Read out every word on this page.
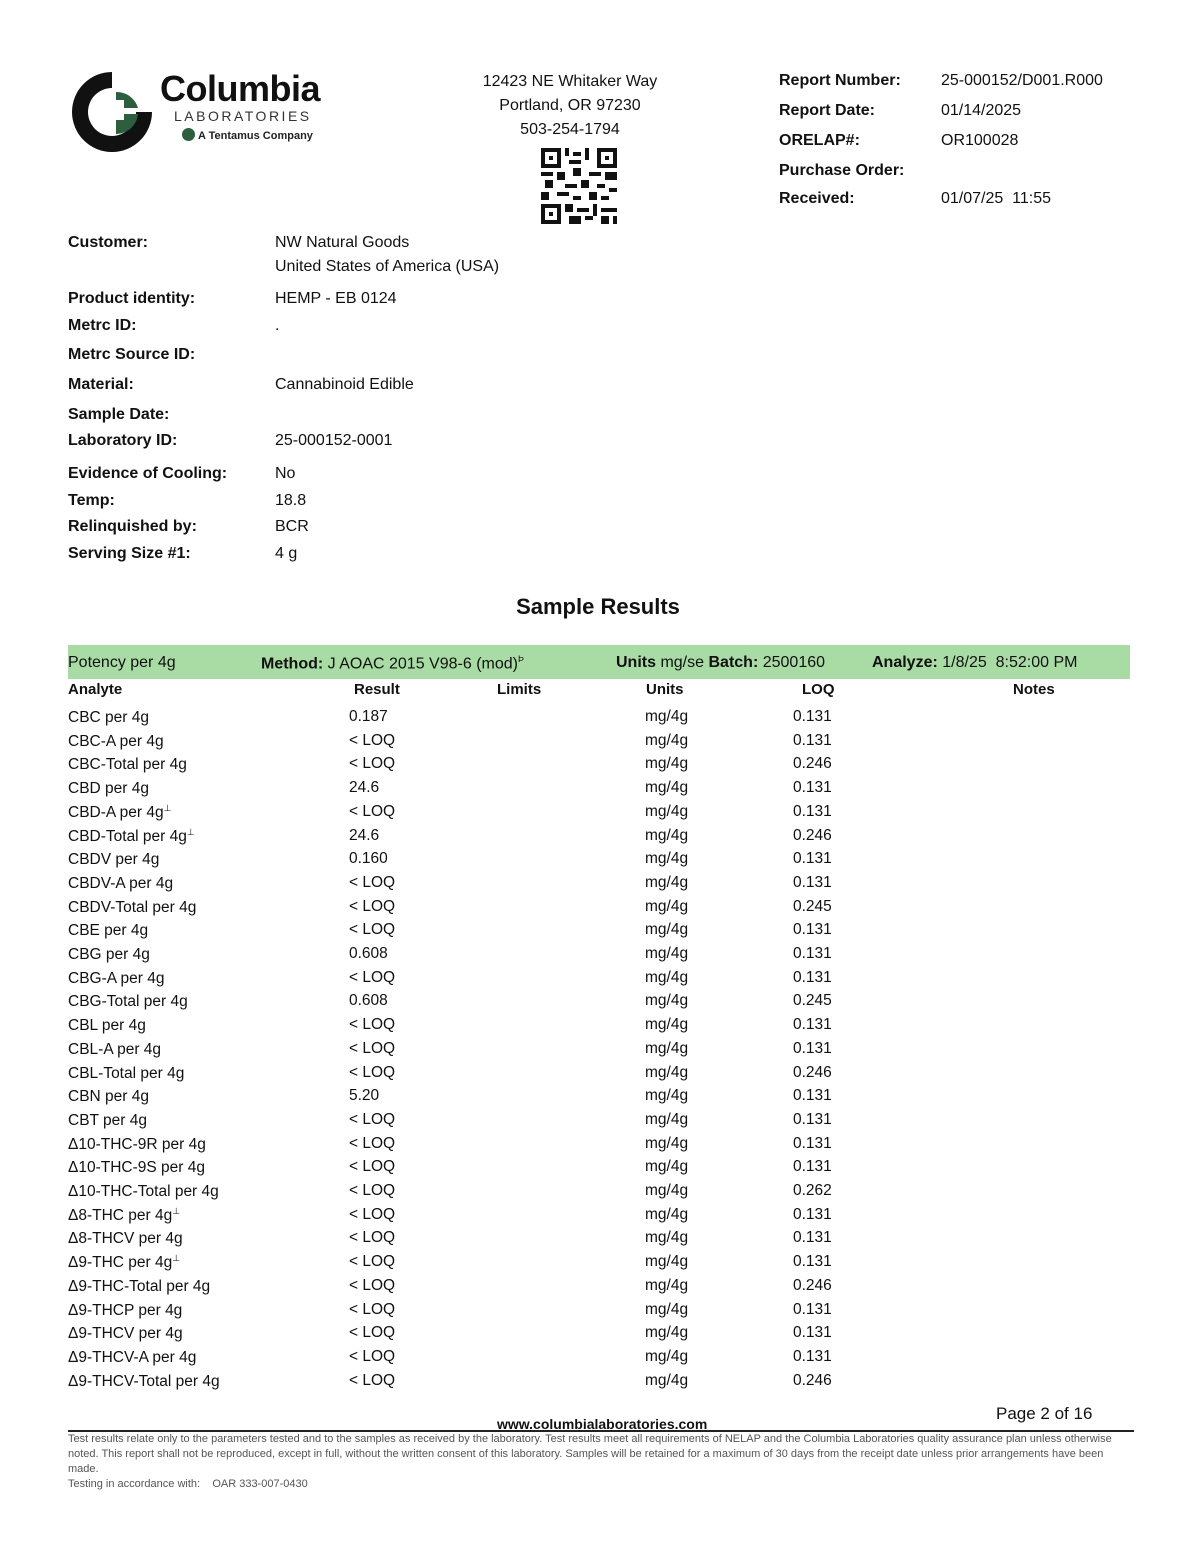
Columbia
LABORATORIES
A Tentamus Company
12423 NE Whitaker Way
Portland, OR 97230
503-254-1794
Report Number:	25-000152/D001.R000
Report Date:	01/14/2025
ORELAP#:	OR100028
Purchase Order:
Received:	01/07/25  11:55
Customer:	NW Natural Goods
United States of America (USA)
Product identity:	HEMP - EB 0124
Metrc ID:	.
Metrc Source ID:
Material:	Cannabinoid Edible
Sample Date:
Laboratory ID:	25-000152-0001
Evidence of Cooling:	No
Temp:	18.8
Relinquished by:	BCR
Serving Size #1:	4 g
Sample Results
Potency per 4g	Method: J AOAC 2015 V98-6 (mod)$^Þ$	Units mg/se Batch: 2500160	Analyze: 1/8/25  8:52:00 PM
Analyte	Result	Limits	Units	LOQ	Notes
CBC per 4g	0.187	mg/4g	0.131
CBC-A per 4g	< LOQ	mg/4g	0.131
CBC-Total per 4g	< LOQ	mg/4g	0.246
CBD per 4g	24.6	mg/4g	0.131
CBD-A per 4g⊥	< LOQ	mg/4g	0.131
CBD-Total per 4g⊥	24.6	mg/4g	0.246
CBDV per 4g	0.160	mg/4g	0.131
CBDV-A per 4g	< LOQ	mg/4g	0.131
CBDV-Total per 4g	< LOQ	mg/4g	0.245
CBE per 4g	< LOQ	mg/4g	0.131
CBG per 4g	0.608	mg/4g	0.131
CBG-A per 4g	< LOQ	mg/4g	0.131
CBG-Total per 4g	0.608	mg/4g	0.245
CBL per 4g	< LOQ	mg/4g	0.131
CBL-A per 4g	< LOQ	mg/4g	0.131
CBL-Total per 4g	< LOQ	mg/4g	0.246
CBN per 4g	5.20	mg/4g	0.131
CBT per 4g	< LOQ	mg/4g	0.131
Δ10-THC-9R per 4g	< LOQ	mg/4g	0.131
Δ10-THC-9S per 4g	< LOQ	mg/4g	0.131
Δ10-THC-Total per 4g	< LOQ	mg/4g	0.262
Δ8-THC per 4g⊥	< LOQ	mg/4g	0.131
Δ8-THCV per 4g	< LOQ	mg/4g	0.131
Δ9-THC per 4g⊥	< LOQ	mg/4g	0.131
Δ9-THC-Total per 4g	< LOQ	mg/4g	0.246
Δ9-THCP per 4g	< LOQ	mg/4g	0.131
Δ9-THCV per 4g	< LOQ	mg/4g	0.131
Δ9-THCV-A per 4g	< LOQ	mg/4g	0.131
Δ9-THCV-Total per 4g	< LOQ	mg/4g	0.246
Page 2 of 16
www.columbialaboratories.com
Test results relate only to the parameters tested and to the samples as received by the laboratory. Test results meet all requirements of NELAP and the Columbia Laboratories quality assurance plan unless otherwise noted. This report shall not be reproduced, except in full, without the written consent of this laboratory. Samples will be retained for a maximum of 30 days from the receipt date unless prior arrangements have been made.
Testing in accordance with: OAR 333-007-0430
